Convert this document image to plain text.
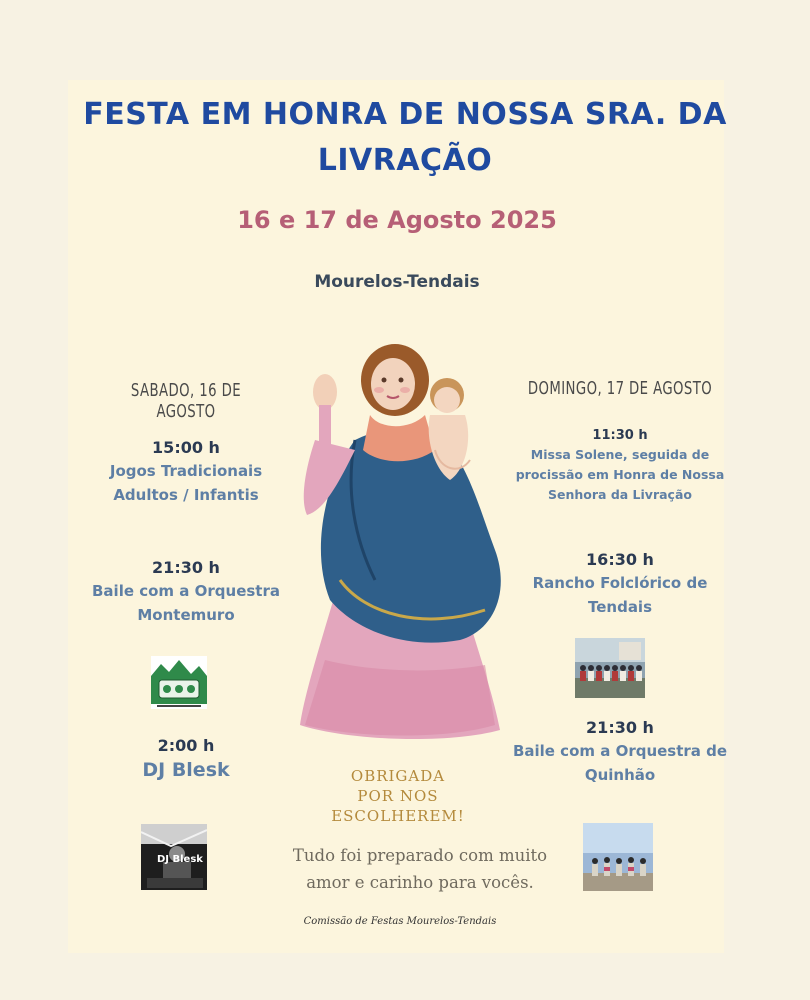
FESTA EM HONRA DE NOSSA SRA. DA
LIVRAÇÃO
16 e 17 de Agosto 2025
Mourelos-Tendais
SABADO, 16 DE AGOSTO
15:00 h
Jogos Tradicionais
Adultos / Infantis
21:30 h
Baile com a Orquestra
Montemuro
2:00 h
DJ Blesk
DJ Blesk
DOMINGO, 17 DE AGOSTO
11:30 h
Missa Solene, seguida de
procissão em Honra de Nossa
Senhora da Livração
16:30 h
Rancho Folclórico de
Tendais
21:30 h
Baile com a Orquestra de
Quinhão
OBRIGADA
POR NOS
ESCOLHEREM!
Tudo foi preparado com muito
amor e carinho para vocês.
Comissão de Festas Mourelos-Tendais
